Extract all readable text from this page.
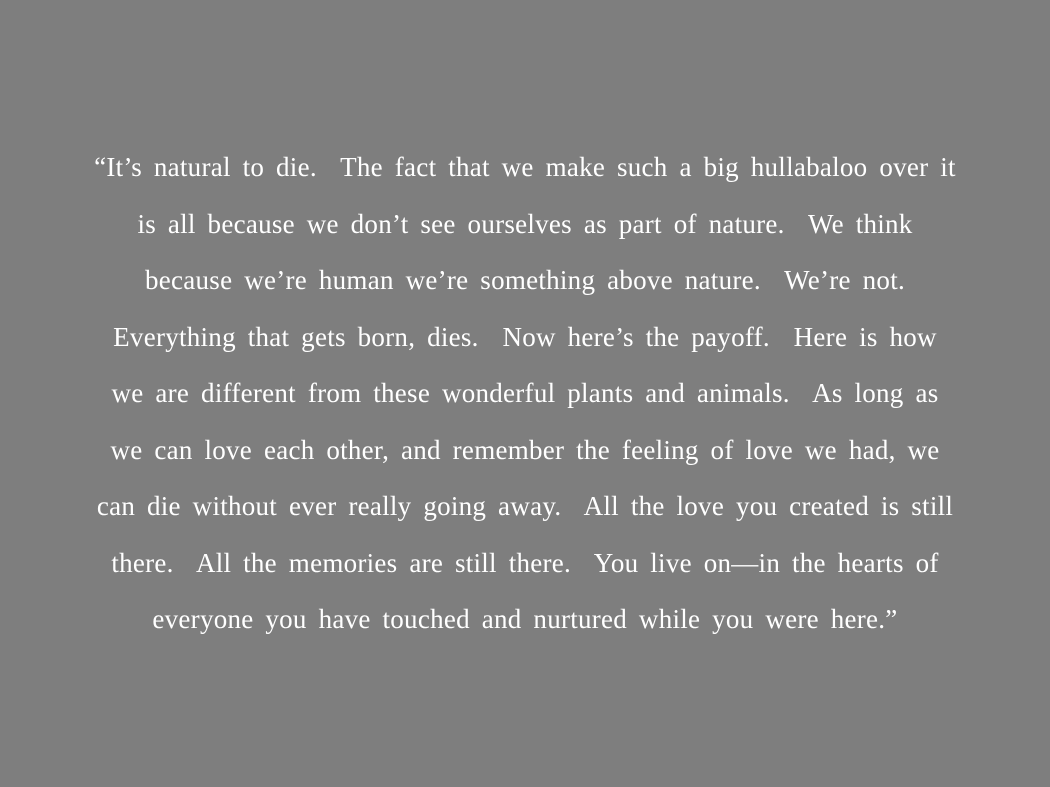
“It’s natural to die.  The fact that we make such a big hullabaloo over it
is all because we don’t see ourselves as part of nature.  We think
because we’re human we’re something above nature.  We’re not.
Everything that gets born, dies.  Now here’s the payoff.  Here is how
we are different from these wonderful plants and animals.  As long as
we can love each other, and remember the feeling of love we had, we
can die without ever really going away.  All the love you created is still
there.  All the memories are still there.  You live on—in the hearts of
everyone you have touched and nurtured while you were here.”
